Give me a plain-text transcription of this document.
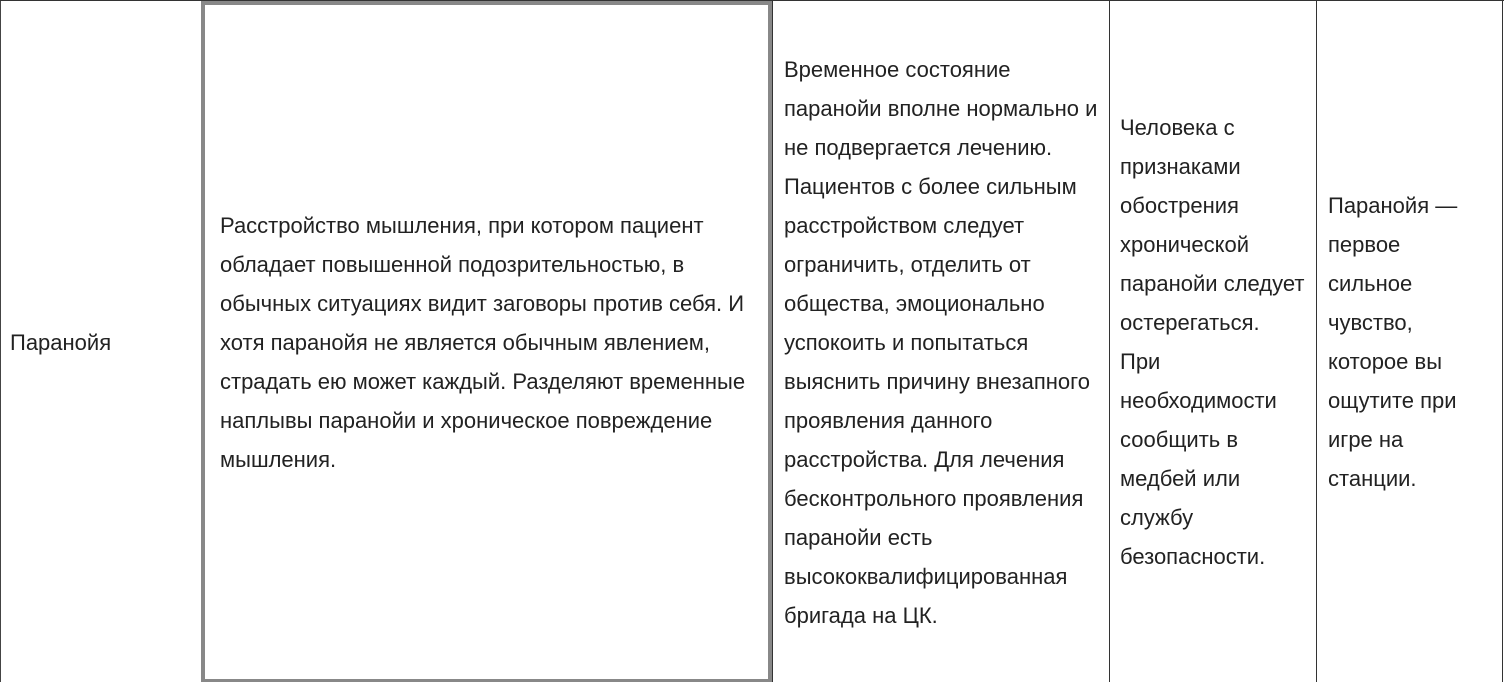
Паранойя
Расстройство мышления, при котором пациент обладает повышенной подозрительностью, в обычных ситуациях видит заговоры против себя. И хотя паранойя не является обычным явлением, страдать ею может каждый. Разделяют временные наплывы паранойи и хроническое повреждение мышления.
Временное состояние паранойи вполне нормально и не подвергается лечению. Пациентов с более сильным расстройством следует ограничить, отделить от общества, эмоционально успокоить и попытаться выяснить причину внезапного проявления данного расстройства. Для лечения бесконтрольного проявления паранойи есть высококвалифицированная бригада на ЦК.
Человека с признаками обострения хронической паранойи следует остерегаться. При необходимости сообщить в медбей или службу безопасности.
Паранойя — первое сильное чувство, которое вы ощутите при игре на станции.
